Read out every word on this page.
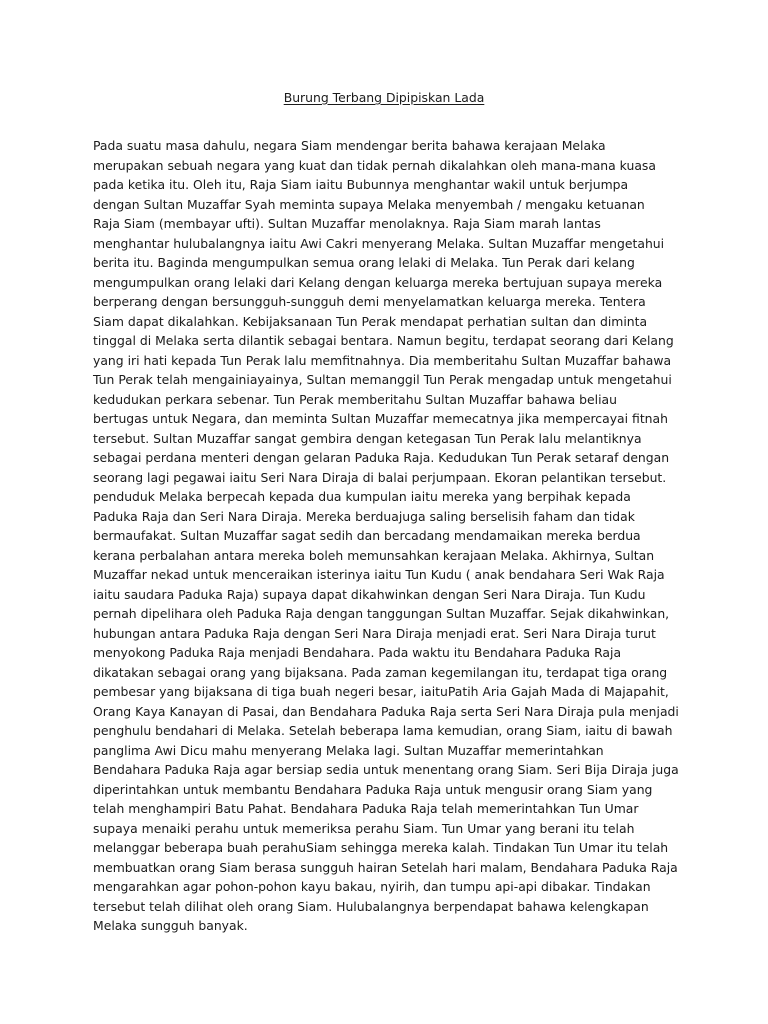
Burung Terbang Dipipiskan Lada
Pada suatu masa dahulu, negara Siam mendengar berita bahawa kerajaan Melaka
merupakan sebuah negara yang kuat dan tidak pernah dikalahkan oleh mana-mana kuasa
pada ketika itu. Oleh itu, Raja Siam iaitu Bubunnya menghantar wakil untuk berjumpa
dengan Sultan Muzaffar Syah meminta supaya Melaka menyembah / mengaku ketuanan
Raja Siam (membayar ufti). Sultan Muzaffar menolaknya. Raja Siam marah lantas
menghantar hulubalangnya iaitu Awi Cakri menyerang Melaka. Sultan Muzaffar mengetahui
berita itu. Baginda mengumpulkan semua orang lelaki di Melaka. Tun Perak dari kelang
mengumpulkan orang lelaki dari Kelang dengan keluarga mereka bertujuan supaya mereka
berperang dengan bersungguh-sungguh demi menyelamatkan keluarga mereka. Tentera
Siam dapat dikalahkan. Kebijaksanaan Tun Perak mendapat perhatian sultan dan diminta
tinggal di Melaka serta dilantik sebagai bentara. Namun begitu, terdapat seorang dari Kelang
yang iri hati kepada Tun Perak lalu memfitnahnya. Dia memberitahu Sultan Muzaffar bahawa
Tun Perak telah mengainiayainya, Sultan memanggil Tun Perak mengadap untuk mengetahui
kedudukan perkara sebenar. Tun Perak memberitahu Sultan Muzaffar bahawa beliau
bertugas untuk Negara, dan meminta Sultan Muzaffar memecatnya jika mempercayai fitnah
tersebut. Sultan Muzaffar sangat gembira dengan ketegasan Tun Perak lalu melantiknya
sebagai perdana menteri dengan gelaran Paduka Raja. Kedudukan Tun Perak setaraf dengan
seorang lagi pegawai iaitu Seri Nara Diraja di balai perjumpaan. Ekoran pelantikan tersebut.
penduduk Melaka berpecah kepada dua kumpulan iaitu mereka yang berpihak kepada
Paduka Raja dan Seri Nara Diraja. Mereka berduajuga saling berselisih faham dan tidak
bermaufakat. Sultan Muzaffar sagat sedih dan bercadang mendamaikan mereka berdua
kerana perbalahan antara mereka boleh memunsahkan kerajaan Melaka. Akhirnya, Sultan
Muzaffar nekad untuk menceraikan isterinya iaitu Tun Kudu ( anak bendahara Seri Wak Raja
iaitu saudara Paduka Raja) supaya dapat dikahwinkan dengan Seri Nara Diraja. Tun Kudu
pernah dipelihara oleh Paduka Raja dengan tanggungan Sultan Muzaffar. Sejak dikahwinkan,
hubungan antara Paduka Raja dengan Seri Nara Diraja menjadi erat. Seri Nara Diraja turut
menyokong Paduka Raja menjadi Bendahara. Pada waktu itu Bendahara Paduka Raja
dikatakan sebagai orang yang bijaksana. Pada zaman kegemilangan itu, terdapat tiga orang
pembesar yang bijaksana di tiga buah negeri besar, iaituPatih Aria Gajah Mada di Majapahit,
Orang Kaya Kanayan di Pasai, dan Bendahara Paduka Raja serta Seri Nara Diraja pula menjadi
penghulu bendahari di Melaka. Setelah beberapa lama kemudian, orang Siam, iaitu di bawah
panglima Awi Dicu mahu menyerang Melaka lagi. Sultan Muzaffar memerintahkan
Bendahara Paduka Raja agar bersiap sedia untuk menentang orang Siam. Seri Bija Diraja juga
diperintahkan untuk membantu Bendahara Paduka Raja untuk mengusir orang Siam yang
telah menghampiri Batu Pahat. Bendahara Paduka Raja telah memerintahkan Tun Umar
supaya menaiki perahu untuk memeriksa perahu Siam. Tun Umar yang berani itu telah
melanggar beberapa buah perahuSiam sehingga mereka kalah. Tindakan Tun Umar itu telah
membuatkan orang Siam berasa sungguh hairan Setelah hari malam, Bendahara Paduka Raja
mengarahkan agar pohon-pohon kayu bakau, nyirih, dan tumpu api-api dibakar. Tindakan
tersebut telah dilihat oleh orang Siam. Hulubalangnya berpendapat bahawa kelengkapan
Melaka sungguh banyak.
